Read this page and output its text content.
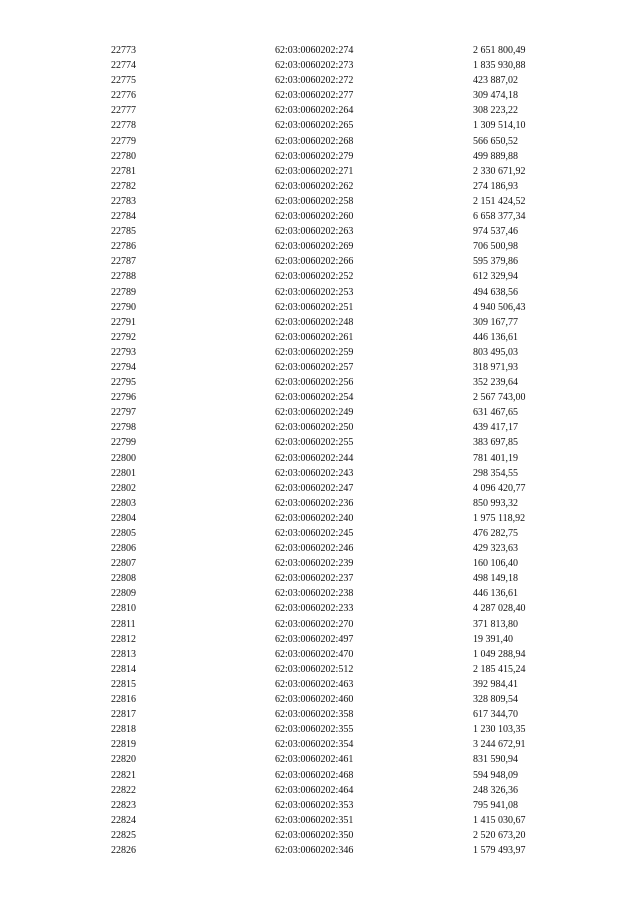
22773	62:03:0060202:274	2 651 800,49
22774	62:03:0060202:273	1 835 930,88
22775	62:03:0060202:272	423 887,02
22776	62:03:0060202:277	309 474,18
22777	62:03:0060202:264	308 223,22
22778	62:03:0060202:265	1 309 514,10
22779	62:03:0060202:268	566 650,52
22780	62:03:0060202:279	499 889,88
22781	62:03:0060202:271	2 330 671,92
22782	62:03:0060202:262	274 186,93
22783	62:03:0060202:258	2 151 424,52
22784	62:03:0060202:260	6 658 377,34
22785	62:03:0060202:263	974 537,46
22786	62:03:0060202:269	706 500,98
22787	62:03:0060202:266	595 379,86
22788	62:03:0060202:252	612 329,94
22789	62:03:0060202:253	494 638,56
22790	62:03:0060202:251	4 940 506,43
22791	62:03:0060202:248	309 167,77
22792	62:03:0060202:261	446 136,61
22793	62:03:0060202:259	803 495,03
22794	62:03:0060202:257	318 971,93
22795	62:03:0060202:256	352 239,64
22796	62:03:0060202:254	2 567 743,00
22797	62:03:0060202:249	631 467,65
22798	62:03:0060202:250	439 417,17
22799	62:03:0060202:255	383 697,85
22800	62:03:0060202:244	781 401,19
22801	62:03:0060202:243	298 354,55
22802	62:03:0060202:247	4 096 420,77
22803	62:03:0060202:236	850 993,32
22804	62:03:0060202:240	1 975 118,92
22805	62:03:0060202:245	476 282,75
22806	62:03:0060202:246	429 323,63
22807	62:03:0060202:239	160 106,40
22808	62:03:0060202:237	498 149,18
22809	62:03:0060202:238	446 136,61
22810	62:03:0060202:233	4 287 028,40
22811	62:03:0060202:270	371 813,80
22812	62:03:0060202:497	19 391,40
22813	62:03:0060202:470	1 049 288,94
22814	62:03:0060202:512	2 185 415,24
22815	62:03:0060202:463	392 984,41
22816	62:03:0060202:460	328 809,54
22817	62:03:0060202:358	617 344,70
22818	62:03:0060202:355	1 230 103,35
22819	62:03:0060202:354	3 244 672,91
22820	62:03:0060202:461	831 590,94
22821	62:03:0060202:468	594 948,09
22822	62:03:0060202:464	248 326,36
22823	62:03:0060202:353	795 941,08
22824	62:03:0060202:351	1 415 030,67
22825	62:03:0060202:350	2 520 673,20
22826	62:03:0060202:346	1 579 493,97
